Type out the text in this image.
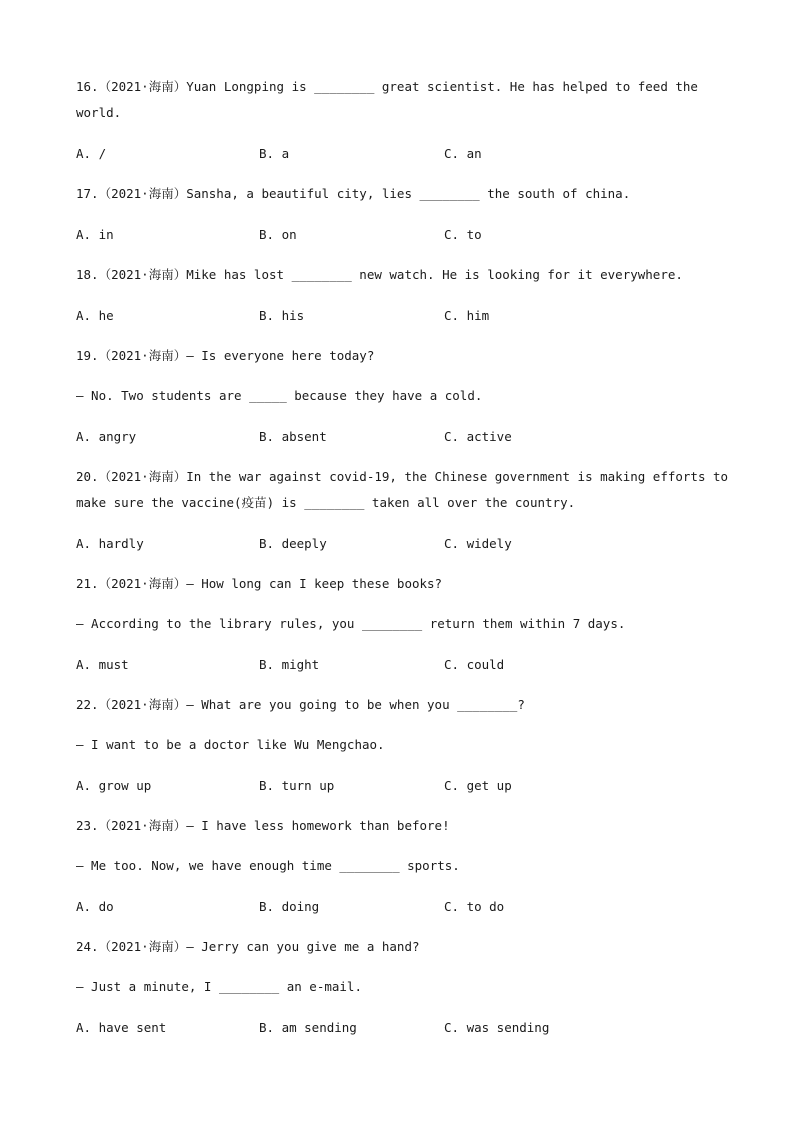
16.（2021·海南）Yuan Longping is ________ great scientist. He has helped to feed the
world.
A. /	B. a	C. an
17.（2021·海南）Sansha, a beautiful city, lies ________ the south of china.
A. in	B. on	C. to
18.（2021·海南）Mike has lost ________ new watch. He is looking for it everywhere.
A. he	B. his	C. him
19.（2021·海南）— Is everyone here today?
— No. Two students are _____ because they have a cold.
A. angry	B. absent	C. active
20.（2021·海南）In the war against covid-19, the Chinese government is making efforts to
make sure the vaccine(疫苗) is ________ taken all over the country.
A. hardly	B. deeply	C. widely
21.（2021·海南）— How long can I keep these books?
— According to the library rules, you ________ return them within 7 days.
A. must	B. might	C. could
22.（2021·海南）— What are you going to be when you ________?
— I want to be a doctor like Wu Mengchao.
A. grow up	B. turn up	C. get up
23.（2021·海南）— I have less homework than before!
— Me too. Now, we have enough time ________ sports.
A. do	B. doing	C. to do
24.（2021·海南）— Jerry can you give me a hand?
— Just a minute, I ________ an e-mail.
A. have sent	B. am sending	C. was sending
